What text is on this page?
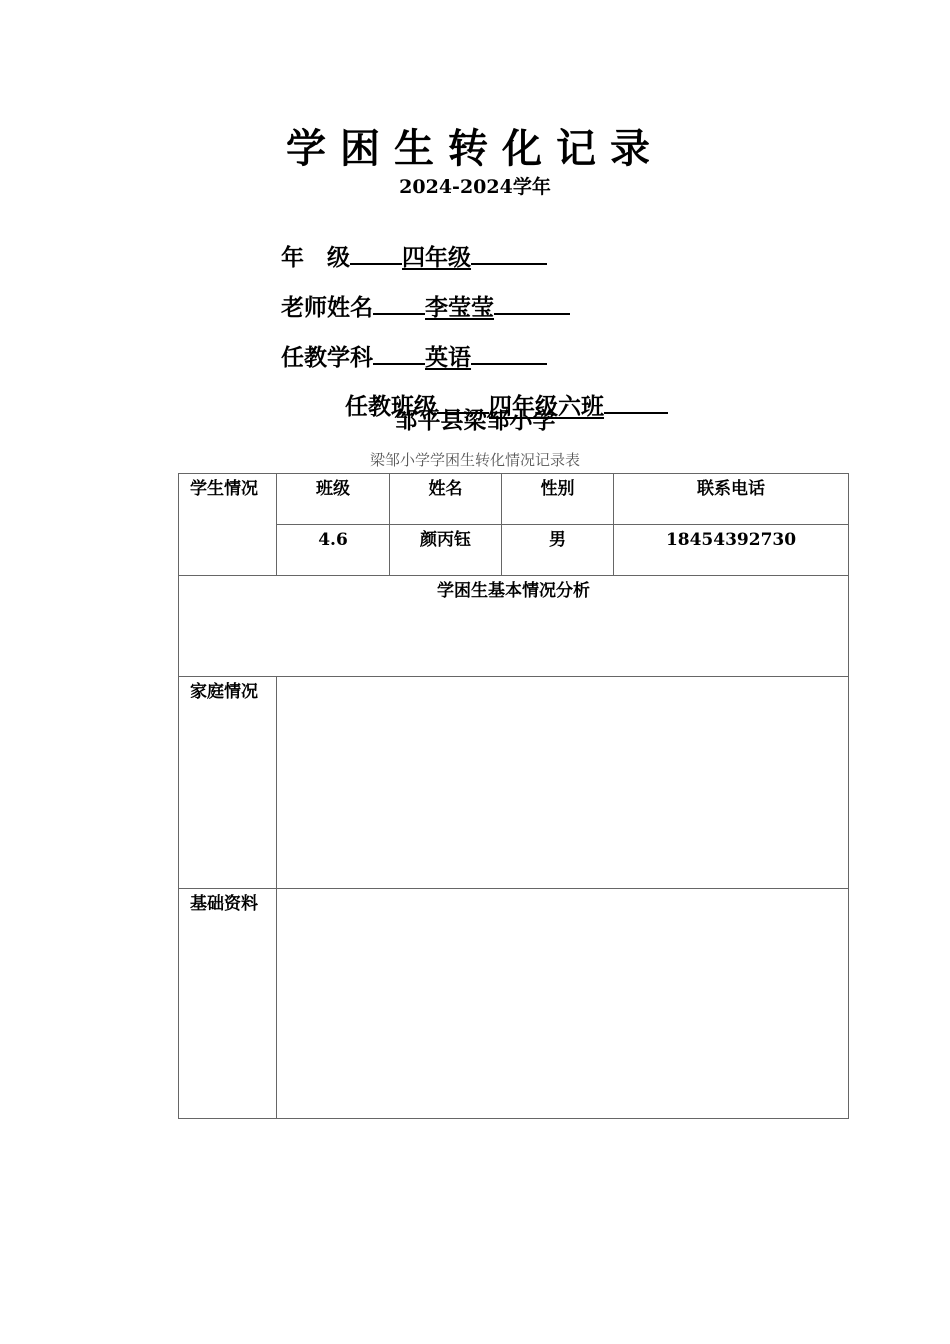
学困生转化记录
2024-2024学年

年　级 四年级

老师姓名 李莹莹

任教学科 英语

任教班级 四年级六班

邹平县梁邹小学
梁邹小学学困生转化情况记录表
学生情况	班级	姓名	性别	联系电话
	4.6	颜丙钰	男	18454392730
学困生基本情况分析				
家庭情况				
基础资料				
